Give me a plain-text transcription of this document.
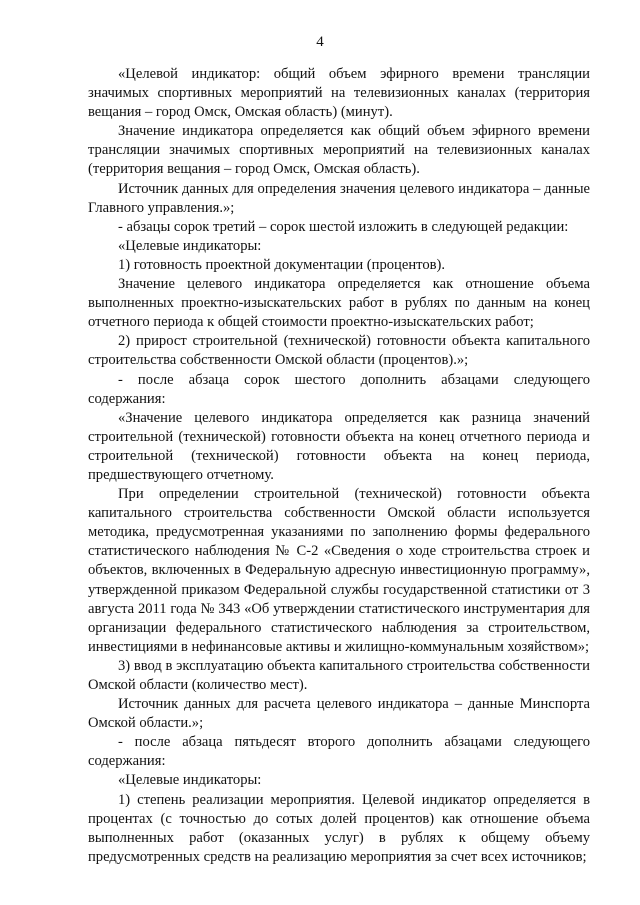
4

«Целевой индикатор: общий объем эфирного времени трансляции значимых спортивных мероприятий на телевизионных каналах (территория вещания – город Омск, Омская область) (минут).

Значение индикатора определяется как общий объем эфирного времени трансляции значимых спортивных мероприятий на телевизионных каналах (территория вещания – город Омск, Омская область).

Источник данных для определения значения целевого индикатора – данные Главного управления.»;

- абзацы сорок третий – сорок шестой изложить в следующей редакции:

«Целевые индикаторы:

1) готовность проектной документации (процентов).

Значение целевого индикатора определяется как отношение объема выполненных проектно-изыскательских работ в рублях по данным на конец отчетного периода к общей стоимости проектно-изыскательских работ;

2) прирост строительной (технической) готовности объекта капитального строительства собственности Омской области (процентов).»;

- после абзаца сорок шестого дополнить абзацами следующего содержания:

«Значение целевого индикатора определяется как разница значений строительной (технической) готовности объекта на конец отчетного периода и строительной (технической) готовности объекта на конец периода, предшествующего отчетному.

При определении строительной (технической) готовности объекта капитального строительства собственности Омской области используется методика, предусмотренная указаниями по заполнению формы федерального статистического наблюдения № С-2 «Сведения о ходе строительства строек и объектов, включенных в Федеральную адресную инвестиционную программу», утвержденной приказом Федеральной службы государственной статистики от 3 августа 2011 года № 343 «Об утверждении статистического инструментария для организации федерального статистического наблюдения за строительством, инвестициями в нефинансовые активы и жилищно-коммунальным хозяйством»;

3) ввод в эксплуатацию объекта капитального строительства собственности Омской области (количество мест).

Источник данных для расчета целевого индикатора – данные Минспорта Омской области.»;

- после абзаца пятьдесят второго дополнить абзацами следующего содержания:

«Целевые индикаторы:

1) степень реализации мероприятия. Целевой индикатор определяется в процентах (с точностью до сотых долей процентов) как отношение объема выполненных работ (оказанных услуг) в рублях к общему объему предусмотренных средств на реализацию мероприятия за счет всех источников;
